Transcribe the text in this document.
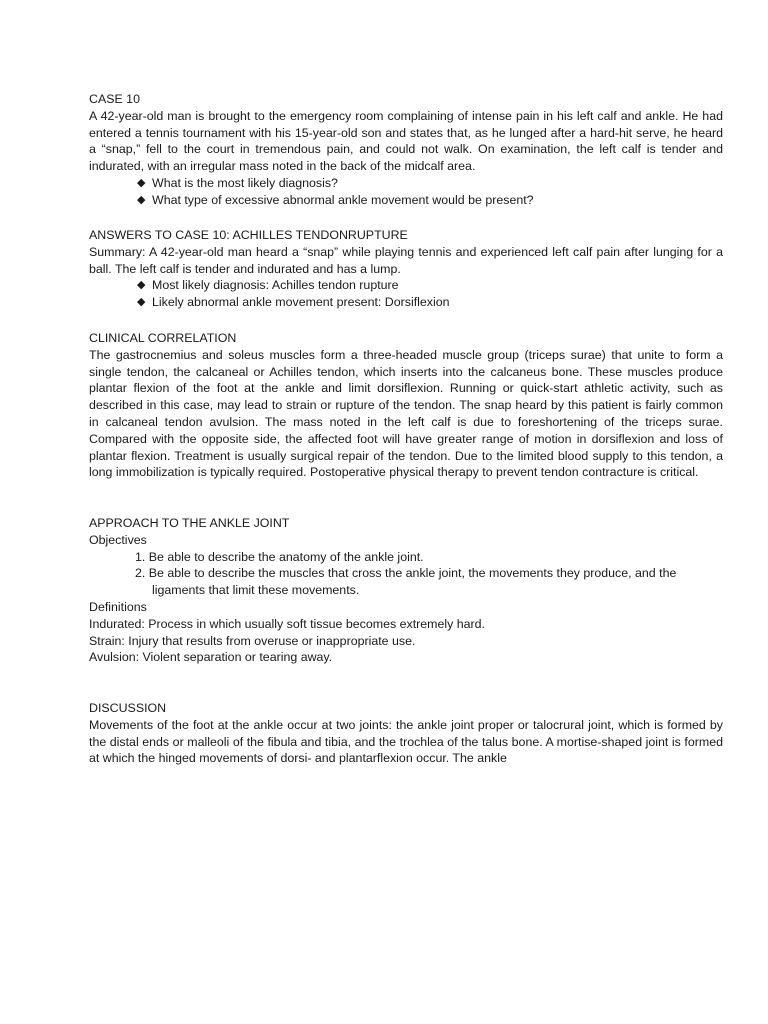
CASE 10

A 42-year-old man is brought to the emergency room complaining of intense pain in his left calf and ankle. He had entered a tennis tournament with his 15-year-old son and states that, as he lunged after a hard-hit serve, he heard a “snap,” fell to the court in tremendous pain, and could not walk. On examination, the left calf is tender and indurated, with an irregular mass noted in the back of the midcalf area.

◆ What is the most likely diagnosis?
◆ What type of excessive abnormal ankle movement would be present?

ANSWERS TO CASE 10: ACHILLES TENDONRUPTURE

Summary: A 42-year-old man heard a “snap” while playing tennis and experienced left calf pain after lunging for a ball. The left calf is tender and indurated and has a lump.

◆ Most likely diagnosis: Achilles tendon rupture
◆ Likely abnormal ankle movement present: Dorsiflexion

CLINICAL CORRELATION

The gastrocnemius and soleus muscles form a three-headed muscle group (triceps surae) that unite to form a single tendon, the calcaneal or Achilles tendon, which inserts into the calcaneus bone. These muscles produce plantar flexion of the foot at the ankle and limit dorsiflexion. Running or quick-start athletic activity, such as described in this case, may lead to strain or rupture of the tendon. The snap heard by this patient is fairly common in calcaneal tendon avulsion. The mass noted in the left calf is due to foreshortening of the triceps surae. Compared with the opposite side, the affected foot will have greater range of motion in dorsiflexion and loss of plantar flexion. Treatment is usually surgical repair of the tendon. Due to the limited blood supply to this tendon, a long immobilization is typically required. Postoperative physical therapy to prevent tendon contracture is critical.

APPROACH TO THE ANKLE JOINT

Objectives

1. Be able to describe the anatomy of the ankle joint.

2. Be able to describe the muscles that cross the ankle joint, the movements they produce, and the

ligaments that limit these movements.

Definitions

Indurated: Process in which usually soft tissue becomes extremely hard.

Strain: Injury that results from overuse or inappropriate use.

Avulsion: Violent separation or tearing away.

DISCUSSION

Movements of the foot at the ankle occur at two joints: the ankle joint proper or talocrural joint, which is formed by the distal ends or malleoli of the fibula and tibia, and the trochlea of the talus bone. A mortise-shaped joint is formed at which the hinged movements of dorsi- and plantarflexion occur. The ankle
